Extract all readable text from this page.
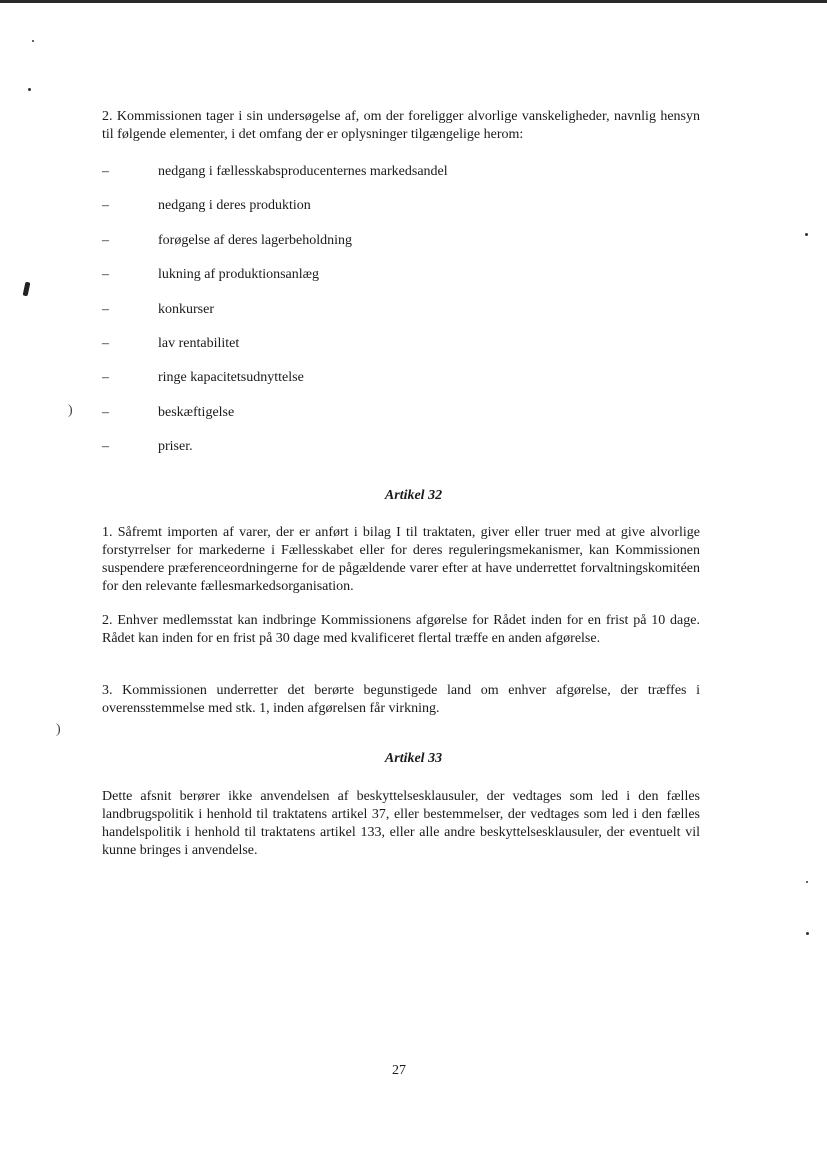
)
)

2. Kommissionen tager i sin undersøgelse af, om der foreligger alvorlige vanskeligheder, navnlig hensyn til følgende elementer, i det omfang der er oplysninger tilgængelige herom:

–	nedgang i fællesskabsproducenternes markedsandel
–	nedgang i deres produktion
–	forøgelse af deres lagerbeholdning
–	lukning af produktionsanlæg
–	konkurser
–	lav rentabilitet
–	ringe kapacitetsudnyttelse
–	beskæftigelse
–	priser.
Artikel 32

1. Såfremt importen af varer, der er anført i bilag I til traktaten, giver eller truer med at give alvorlige forstyrrelser for markederne i Fællesskabet eller for deres reguleringsmekanismer, kan Kommissionen suspendere præferenceordningerne for de pågældende varer efter at have underrettet forvaltningskomitéen for den relevante fællesmarkedsorganisation.

2. Enhver medlemsstat kan indbringe Kommissionens afgørelse for Rådet inden for en frist på 10 dage. Rådet kan inden for en frist på 30 dage med kvalificeret flertal træffe en anden afgørelse.

3. Kommissionen underretter det berørte begunstigede land om enhver afgørelse, der træffes i overensstemmelse med stk. 1, inden afgørelsen får virkning.

Artikel 33

Dette afsnit berører ikke anvendelsen af beskyttelsesklausuler, der vedtages som led i den fælles landbrugspolitik i henhold til traktatens artikel 37, eller bestemmelser, der vedtages som led i den fælles handelspolitik i henhold til traktatens artikel 133, eller alle andre beskyttelsesklausuler, der eventuelt vil kunne bringes i anvendelse.

27
